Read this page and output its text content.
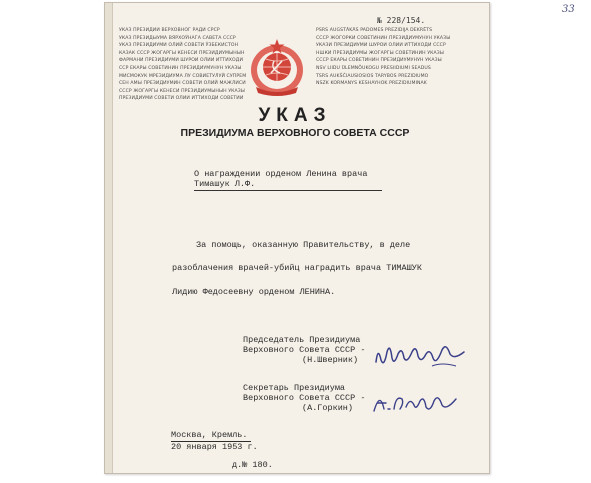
33
№ 228/154.
УКАЗ ПРЕЗИДИИ ВЕРХОВНОГ РАДИ СРСР
УКАЗ ПРЕЗИДЫУМА ВЯРХОЎНАГА САВЕТА СССР
УКАЗ ПРЕЗИДИУМИ ОЛИЙ СОВЕТИ ЎЗБЕКИСТОН
КАЗАК СССР ЖОГАРГЫ КЕНЕСИ ПРЕЗИДИУМЫНЫН
ФАРМАНИ ПРЕЗИДИУМИ ШУРОИ ОЛИИ ИТТИХОДИ
ССР ЕКАРЫ СОВЕТИНИН ПРЕЗИДИУМУНУН УКАЗЫ
МИСМОКУК МРЕЗИДИУМА ЛУ СОВИЕТУЛУЙ СУПРЕМ
СЕН АМЫ ПРЕЗИДИУМИН СОВЕТИ ОЛИЙ МАЖЛИСИ
СССР ЖОГАРГЫ КЕНЕСИ ПРЕЗИДИУМЫНЫН УКАЗЫ
ПРЕЗИДИУМИ СОВЕТИ ОЛИИ ИТТИХОДИ СОВЕТИИ
PSRS AUGSTĀKĀS PADOMES PREZIDIJA DEKRĒTS
СССР ЖОГОРКИ СОВЕТИНИН ПРЕЗИДИУМУНУН УКАЗЫ
УКАЗИ ПРЕЗИДИУМИ ШУРОИ ОЛИИ ИТТИХОДИ СССР
НШКИ ПРЕЗИДИУМЫ ЖОГАРГЫ СОВЕТИНИН УКАЗЫ
СССР ЕКАРЫ СОВЕТИНИН ПРЕЗИДИУМУНУН УКАЗЫ
NSV LIIDU ÜLEMNÕUKOGU PRESIIDIUMI SEADUS
TSRS AUKŠČIAUSIOSIOS TARYBOS PREZIDIUMO
NSZK KORMANYS KESHAYHOK PREZIDIUMINAK
УКАЗ
ПРЕЗИДИУМА ВЕРХОВНОГО СОВЕТА СССР
О награждении орденом Ленина врача
Тимашук Л.Ф.
За помощь, оказанную Правительству, в деле
разоблачения врачей-убийц наградить врача ТИМАШУК
Лидию Федосеевну орденом ЛЕНИНА.
Председатель Президиума
Верховного Совета СССР -
(Н.Шверник)
Секретарь Президиума
Верховного Совета СССР -
(А.Горкин)
Москва, Кремль.
20 января 1953 г.
д.№ 180.
